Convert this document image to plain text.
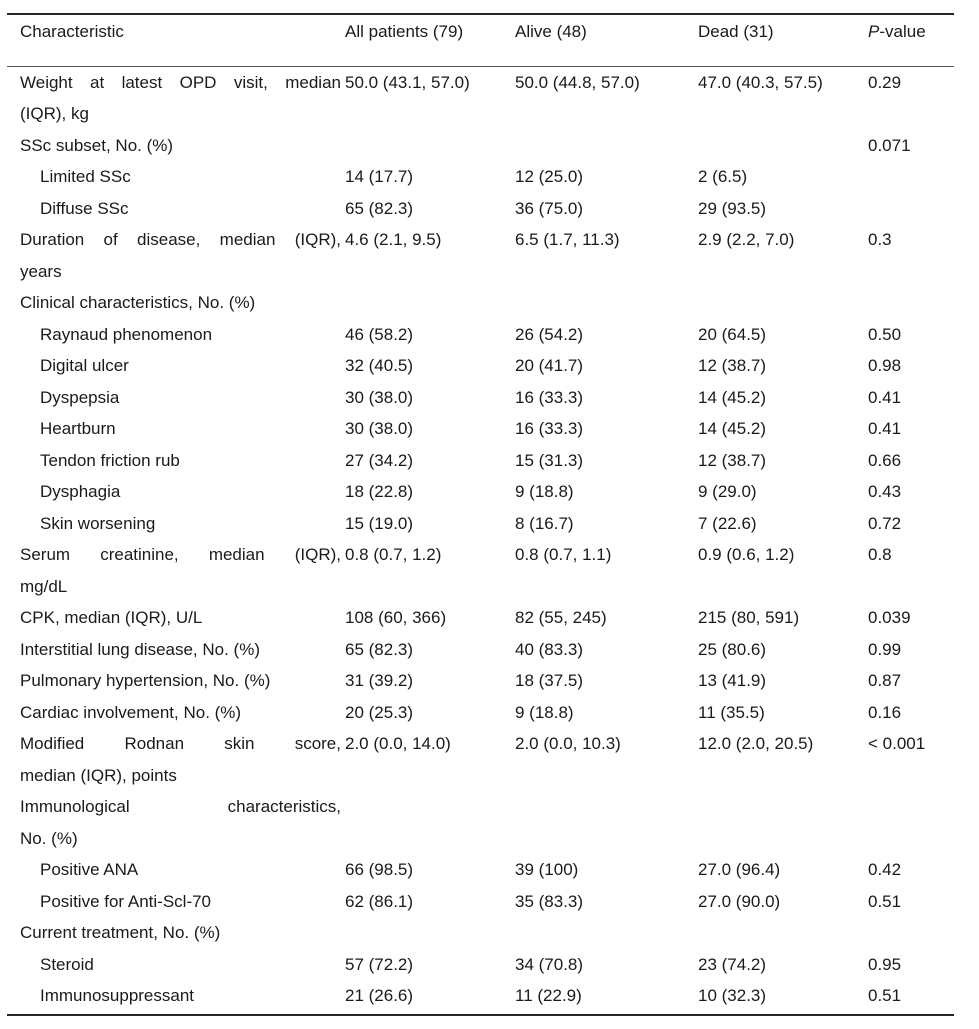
Characteristic	All patients (79)	Alive (48)	Dead (31)	P-value

Weight at latest OPD visit, median
(IQR), kg	50.0 (43.1, 57.0)	50.0 (44.8, 57.0)	47.0 (40.3, 57.5)	0.29

SSc subset, No. (%)				0.071

Limited SSc	14 (17.7)	12 (25.0)	2 (6.5)	

Diffuse SSc	65 (82.3)	36 (75.0)	29 (93.5)	

Duration of disease, median (IQR),
years	4.6 (2.1, 9.5)	6.5 (1.7, 11.3)	2.9 (2.2, 7.0)	0.3

Clinical characteristics, No. (%)				

Raynaud phenomenon	46 (58.2)	26 (54.2)	20 (64.5)	0.50

Digital ulcer	32 (40.5)	20 (41.7)	12 (38.7)	0.98

Dyspepsia	30 (38.0)	16 (33.3)	14 (45.2)	0.41

Heartburn	30 (38.0)	16 (33.3)	14 (45.2)	0.41

Tendon friction rub	27 (34.2)	15 (31.3)	12 (38.7)	0.66

Dysphagia	18 (22.8)	9 (18.8)	9 (29.0)	0.43

Skin worsening	15 (19.0)	8 (16.7)	7 (22.6)	0.72

Serum creatinine, median (IQR),
mg/dL	0.8 (0.7, 1.2)	0.8 (0.7, 1.1)	0.9 (0.6, 1.2)	0.8

CPK, median (IQR), U/L	108 (60, 366)	82 (55, 245)	215 (80, 591)	0.039

Interstitial lung disease, No. (%)	65 (82.3)	40 (83.3)	25 (80.6)	0.99

Pulmonary hypertension, No. (%)	31 (39.2)	18 (37.5)	13 (41.9)	0.87

Cardiac involvement, No. (%)	20 (25.3)	9 (18.8)	11 (35.5)	0.16

Modified Rodnan skin score,
median (IQR), points	2.0 (0.0, 14.0)	2.0 (0.0, 10.3)	12.0 (2.0, 20.5)	< 0.001

Immunological characteristics,
No. (%)				

Positive ANA	66 (98.5)	39 (100)	27.0 (96.4)	0.42

Positive for Anti-Scl-70	62 (86.1)	35 (83.3)	27.0 (90.0)	0.51

Current treatment, No. (%)				

Steroid	57 (72.2)	34 (70.8)	23 (74.2)	0.95

Immunosuppressant	21 (26.6)	11 (22.9)	10 (32.3)	0.51
